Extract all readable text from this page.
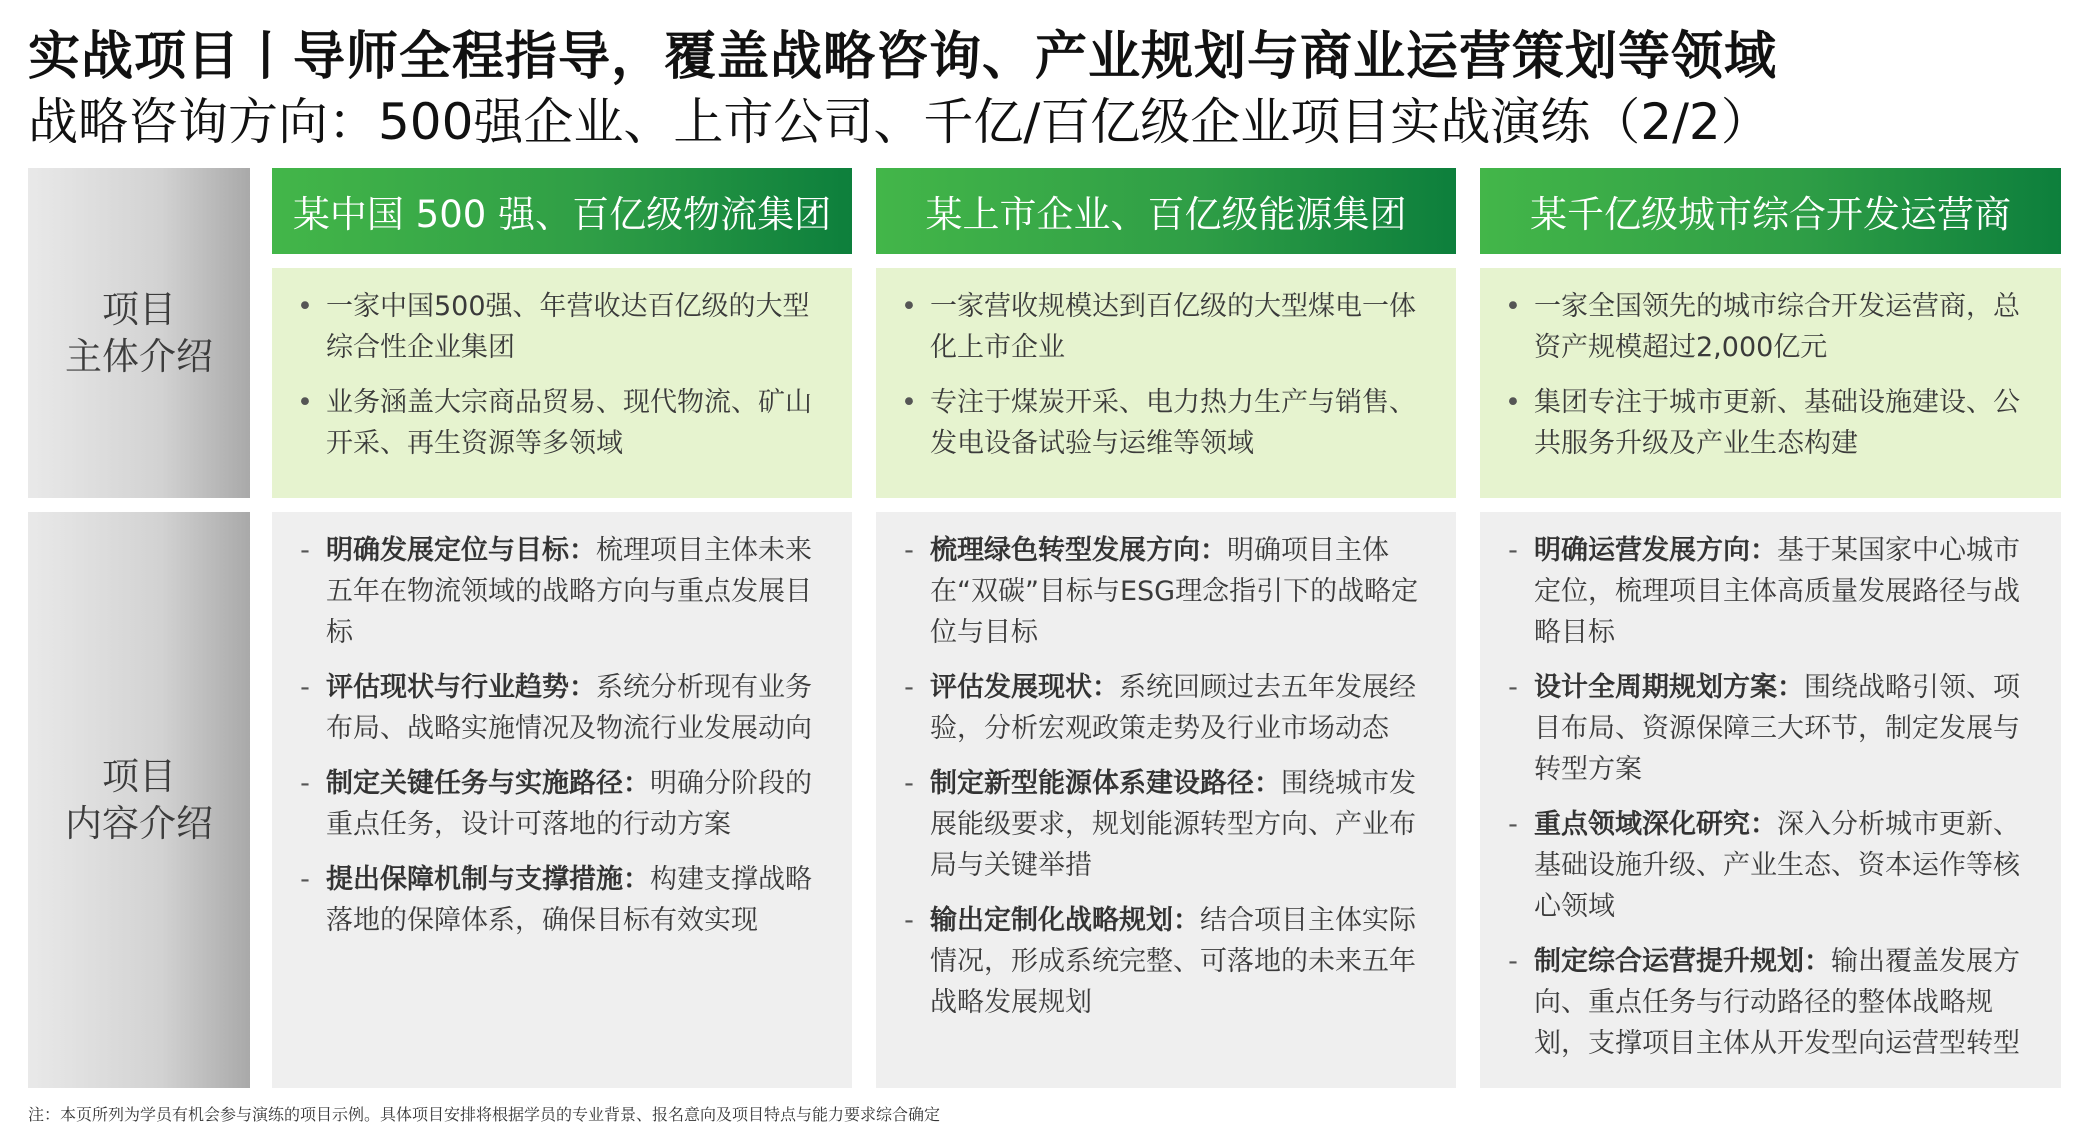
实战项目丨导师全程指导，覆盖战略咨询、产业规划与商业运营策划等领域
战略咨询方向：500强企业、上市公司、千亿/百亿级企业项目实战演练（2/2）
项目
主体介绍
项目
内容介绍
某中国 500 强、百亿级物流集团
• 一家中国500强、年营收达百亿级的大型综合性企业集团
• 业务涵盖大宗商品贸易、现代物流、矿山开采、再生资源等多领域
- 明确发展定位与目标：梳理项目主体未来五年在物流领域的战略方向与重点发展目标
- 评估现状与行业趋势：系统分析现有业务布局、战略实施情况及物流行业发展动向
- 制定关键任务与实施路径：明确分阶段的重点任务，设计可落地的行动方案
- 提出保障机制与支撑措施：构建支撑战略落地的保障体系，确保目标有效实现
某上市企业、百亿级能源集团
• 一家营收规模达到百亿级的大型煤电一体化上市企业
• 专注于煤炭开采、电力热力生产与销售、发电设备试验与运维等领域
- 梳理绿色转型发展方向：明确项目主体在“双碳”目标与ESG理念指引下的战略定位与目标
- 评估发展现状：系统回顾过去五年发展经验，分析宏观政策走势及行业市场动态
- 制定新型能源体系建设路径：围绕城市发展能级要求，规划能源转型方向、产业布局与关键举措
- 输出定制化战略规划：结合项目主体实际情况，形成系统完整、可落地的未来五年战略发展规划
某千亿级城市综合开发运营商
• 一家全国领先的城市综合开发运营商，总资产规模超过2,000亿元
• 集团专注于城市更新、基础设施建设、公共服务升级及产业生态构建
- 明确运营发展方向：基于某国家中心城市定位，梳理项目主体高质量发展路径与战略目标
- 设计全周期规划方案：围绕战略引领、项目布局、资源保障三大环节，制定发展与转型方案
- 重点领域深化研究：深入分析城市更新、基础设施升级、产业生态、资本运作等核心领域
- 制定综合运营提升规划：输出覆盖发展方向、重点任务与行动路径的整体战略规划，支撑项目主体从开发型向运营型转型
注：本页所列为学员有机会参与演练的项目示例。具体项目安排将根据学员的专业背景、报名意向及项目特点与能力要求综合确定
